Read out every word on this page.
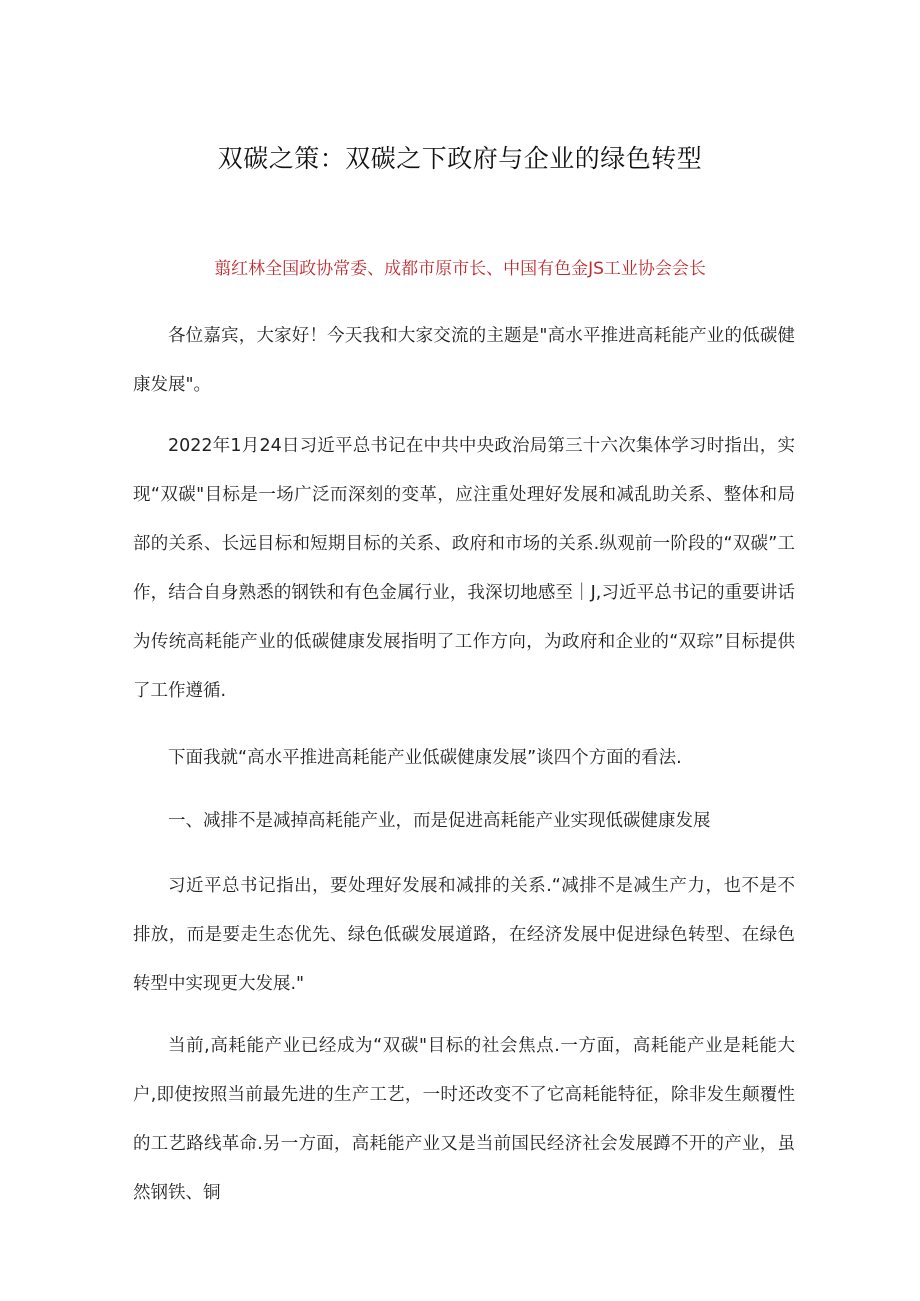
双碳之策：双碳之下政府与企业的绿色转型
翦红林全国政协常委、成都市原市长、中国有色金JS工业协会会长

各位嘉宾，大家好！今天我和大家交流的主题是"高水平推进高耗能产业的低碳健康发展"。

2022年1月24日习近平总书记在中共中央政治局第三十六次集体学习时指出，实现“双碳"目标是一场广泛而深刻的变革，应注重处理好发展和减乱助关系、整体和局部的关系、长远目标和短期目标的关系、政府和市场的关系.纵观前一阶段的“双碳”工作，结合自身熟悉的钢铁和有色金属行业，我深切地感至｜J,习近平总书记的重要讲话为传统高耗能产业的低碳健康发展指明了工作方向，为政府和企业的“双琮”目标提供了工作遵循.

下面我就“高水平推进高耗能产业低碳健康发展”谈四个方面的看法.

一、减排不是减掉高耗能产业，而是促进高耗能产业实现低碳健康发展

习近平总书记指出，要处理好发展和减排的关系.“减排不是减生产力，也不是不排放，而是要走生态优先、绿色低碳发展道路，在经济发展中促进绿色转型、在绿色转型中实现更大发展."

当前,高耗能产业已经成为“双碳"目标的社会焦点.一方面，高耗能产业是耗能大户,即使按照当前最先进的生产工艺，一时还改变不了它高耗能特征，除非发生颠覆性的工艺路线革命.另一方面，高耗能产业又是当前国民经济社会发展蹲不开的产业，虽然钢铁、铜
